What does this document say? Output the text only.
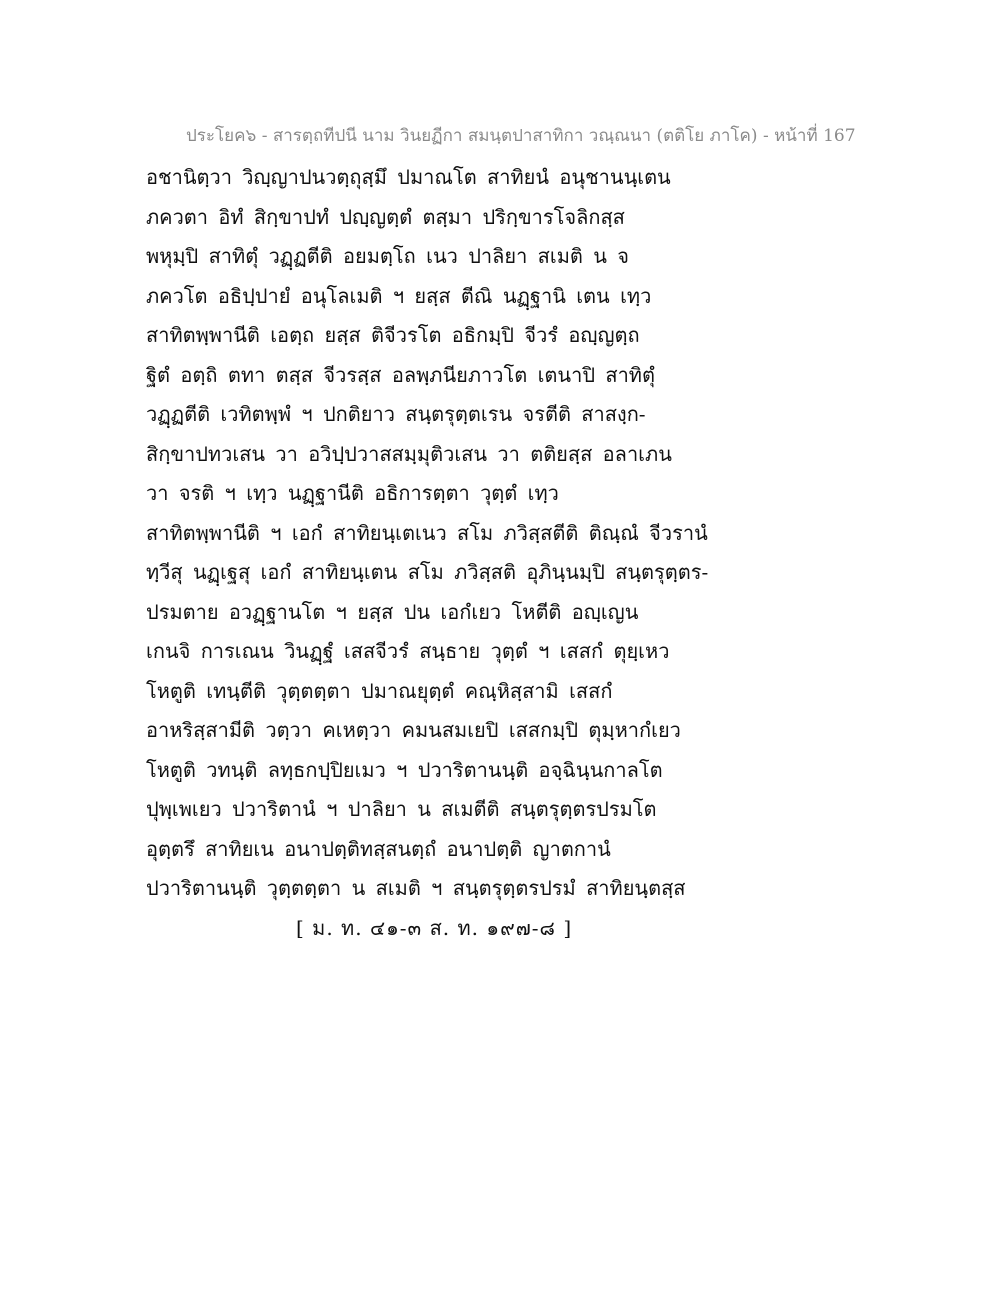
ประโยค๖ - สารตฺถทีปนี นาม วินยฏีกา สมนฺตปาสาทิกา วณฺณนา (ตติโย ภาโค) - หน้าที่ 167
อชานิตฺวา วิญฺญาปนวตฺถุสฺมึ ปมาณโต สาทิยนํ อนุชานนฺเตน
ภควตา อิทํ สิกฺขาปทํ ปญฺญตฺตํ ตสฺมา ปริกฺขารโจลิกสฺส
พหุมฺปิ สาทิตุํ วฏฺฏตีติ อยมตฺโถ เนว ปาลิยา สเมติ น จ
ภควโต อธิปฺปายํ อนุโลเมติ ฯ ยสฺส ตีณิ นฏฺฐานิ เตน เทฺว
สาทิตพฺพานีติ เอตฺถ ยสฺส ติจีวรโต อธิกมฺปิ จีวรํ อญฺญตฺถ
ฐิตํ อตฺถิ ตทา ตสฺส จีวรสฺส อลพฺภนียภาวโต เตนาปิ สาทิตุํ
วฏฺฏตีติ เวทิตพฺพํ ฯ ปกติยาว สนฺตรุตฺตเรน จรตีติ สาสงฺก-
สิกฺขาปทวเสน วา อวิปฺปวาสสมฺมุติวเสน วา ตติยสฺส อลาเภน
วา จรติ ฯ เทฺว นฏฺฐานีติ อธิการตฺตา วุตฺตํ เทฺว
สาทิตพฺพานีติ ฯ เอกํ สาทิยนฺเตเนว สโม ภวิสฺสตีติ ติณฺณํ จีวรานํ
ทฺวีสุ นฏฺเฐสุ เอกํ สาทิยนฺเตน สโม ภวิสฺสติ อุภินฺนมฺปิ สนฺตรุตฺตร-
ปรมตาย อวฏฺฐานโต ฯ ยสฺส ปน เอกํเยว โหตีติ อญฺเญน
เกนจิ การเณน วินฏฺฐํ เสสจีวรํ สนฺธาย วุตฺตํ ฯ เสสกํ ตุยฺเหว
โหตูติ เทนฺตีติ วุตฺตตฺตา ปมาณยุตฺตํ คณฺหิสฺสามิ เสสกํ
อาหริสฺสามีติ วตฺวา คเหตฺวา คมนสมเยปิ เสสกมฺปิ ตุมฺหากํเยว
โหตูติ วทนฺติ ลทฺธกปฺปิยเมว ฯ ปวาริตานนฺติ อจฺฉินฺนกาลโต
ปุพฺเพเยว ปวาริตานํ ฯ ปาลิยา น สเมตีติ สนฺตรุตฺตรปรมโต
อุตฺตรึ สาทิยเน อนาปตฺติทสฺสนตฺถํ อนาปตฺติ ญาตกานํ
ปวาริตานนฺติ วุตฺตตฺตา น สเมติ ฯ สนฺตรุตฺตรปรมํ สาทิยนฺตสฺส
[ ม. ท. ๔๑-๓ ส. ท. ๑๙๗-๘ ]
